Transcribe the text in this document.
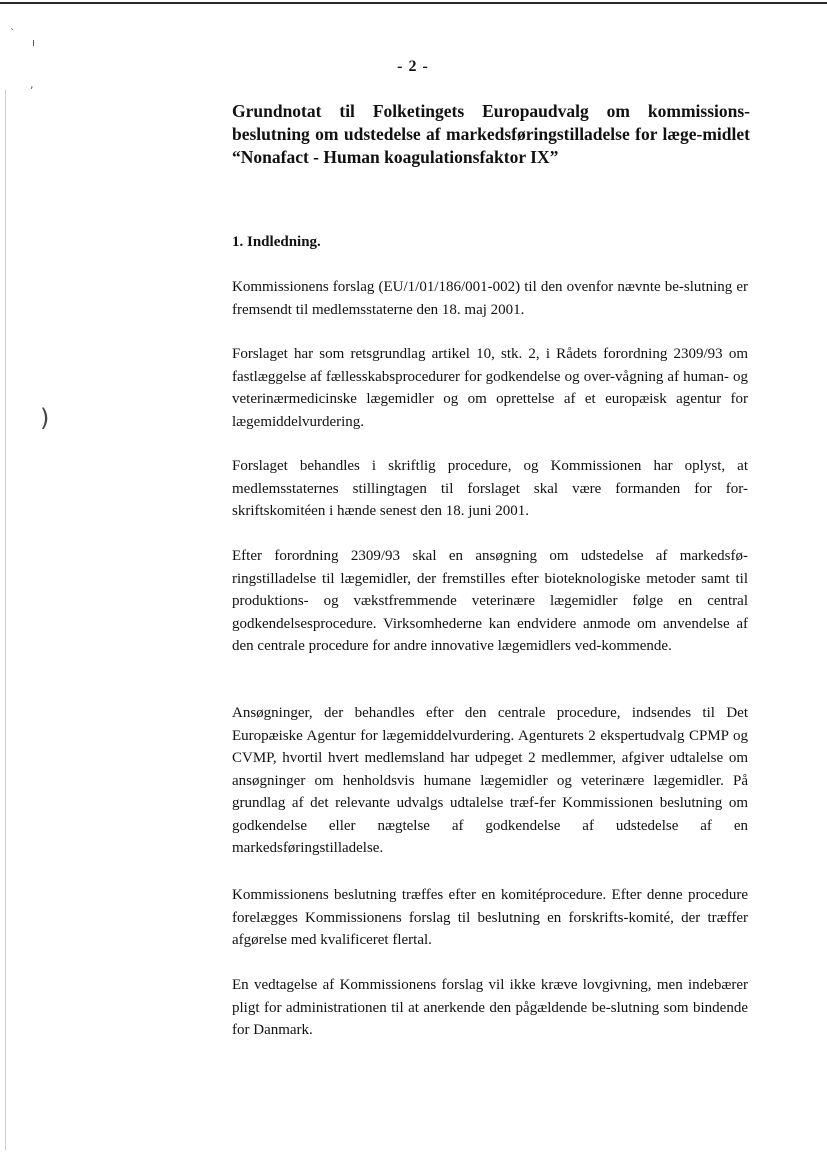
`
ı
,
)
- 2 -
Grundnotat til Folketingets Europaudvalg om kommissions-beslutning om udstedelse af markedsføringstilladelse for læge-midlet “Nonafact - Human koagulationsfaktor IX”
1. Indledning.

Kommissionens forslag (EU/1/01/186/001-002) til den ovenfor nævnte be-slutning er fremsendt til medlemsstaterne den 18. maj 2001.

Forslaget har som retsgrundlag artikel 10, stk. 2, i Rådets forordning 2309/93 om fastlæggelse af fællesskabsprocedurer for godkendelse og over-vågning af human- og veterinærmedicinske lægemidler og om oprettelse af et europæisk agentur for lægemiddelvurdering.

Forslaget behandles i skriftlig procedure, og Kommissionen har oplyst, at medlemsstaternes stillingtagen til forslaget skal være formanden for for-skriftskomitéen i hænde senest den 18. juni 2001.

Efter forordning 2309/93 skal en ansøgning om udstedelse af markedsfø-ringstilladelse til lægemidler, der fremstilles efter bioteknologiske metoder samt til produktions- og vækstfremmende veterinære lægemidler følge en central godkendelsesprocedure. Virksomhederne kan endvidere anmode om anvendelse af den centrale procedure for andre innovative lægemidlers ved-kommende.

Ansøgninger, der behandles efter den centrale procedure, indsendes til Det Europæiske Agentur for lægemiddelvurdering. Agenturets 2 ekspertudvalg CPMP og CVMP, hvortil hvert medlemsland har udpeget 2 medlemmer, afgiver udtalelse om ansøgninger om henholdsvis humane lægemidler og veterinære lægemidler. På grundlag af det relevante udvalgs udtalelse træf-fer Kommissionen beslutning om godkendelse eller nægtelse af godkendelse af udstedelse af en markedsføringstilladelse.

Kommissionens beslutning træffes efter en komitéprocedure. Efter denne procedure forelægges Kommissionens forslag til beslutning en forskrifts-komité, der træffer afgørelse med kvalificeret flertal.

En vedtagelse af Kommissionens forslag vil ikke kræve lovgivning, men indebærer pligt for administrationen til at anerkende den pågældende be-slutning som bindende for Danmark.
